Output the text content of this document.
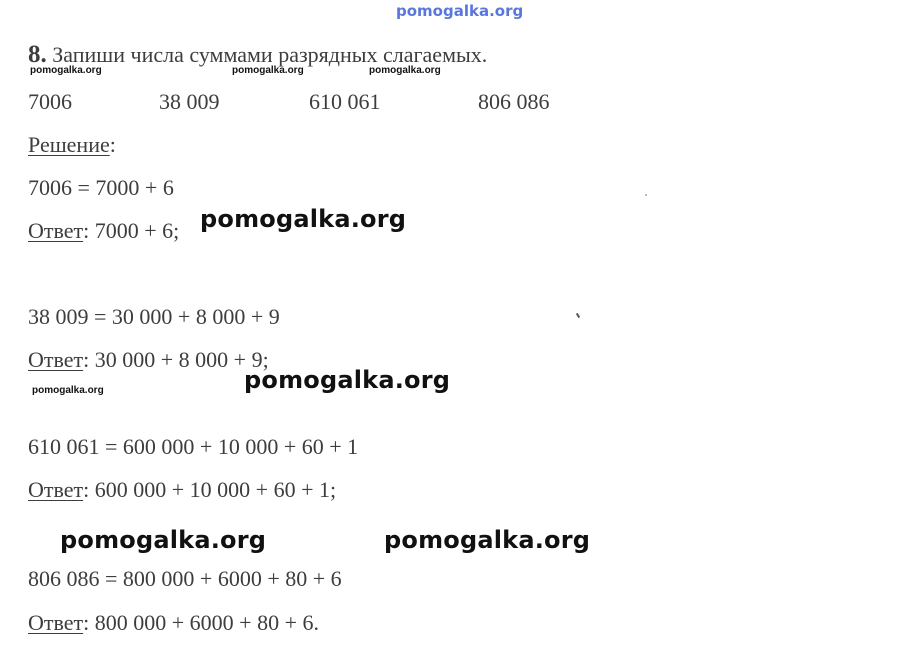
pomogalka.org
8. Запиши числа суммами разрядных слагаемых.
pomogalka.org	pomogalka.org	pomogalka.org
7006	38 009	610 061	806 086
Решение:
7006 = 7000 + 6
Ответ: 7000 + 6; pomogalka.org
38 009 = 30 000 + 8 000 + 9
Ответ: 30 000 + 8 000 + 9;
pomogalka.org	pomogalka.org
610 061 = 600 000 + 10 000 + 60 + 1
Ответ: 600 000 + 10 000 + 60 + 1;
pomogalka.org	pomogalka.org
806 086 = 800 000 + 6000 + 80 + 6
Ответ: 800 000 + 6000 + 80 + 6.
